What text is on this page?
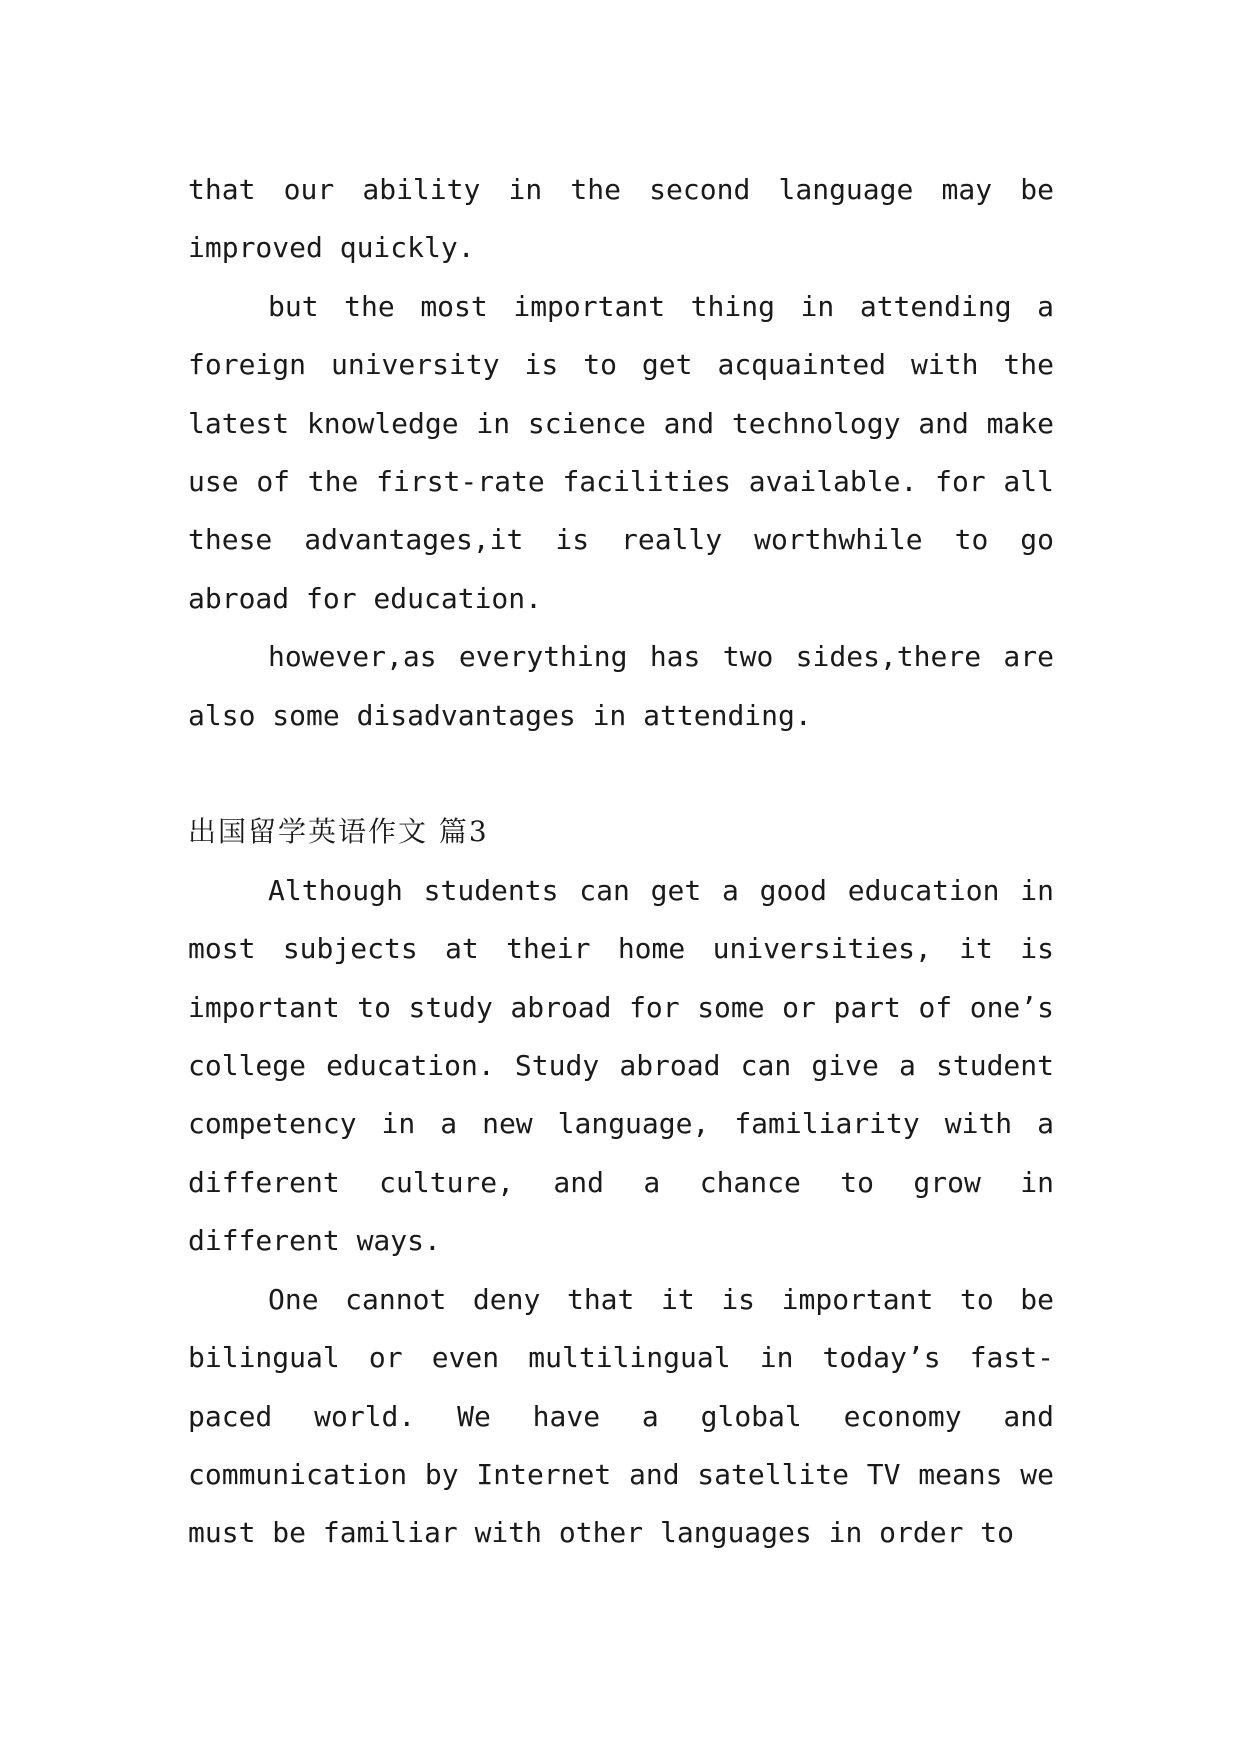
that our ability in the second language may be improved quickly.

but the most important thing in attending a foreign university is to get acquainted with the latest knowledge in science and technology and make use of the first-rate facilities available. for all these advantages,it is really worthwhile to go abroad for education.

however,as everything has two sides,there are also some disadvantages in attending.

出国留学英语作文 篇3

Although students can get a good education in most subjects at their home universities, it is important to study abroad for some or part of one’s college education. Study abroad can give a student competency in a new language, familiarity with a different culture, and a chance to grow in different ways.

One cannot deny that it is important to be bilingual or even multilingual in today’s fast-paced world. We have a global economy and communication by Internet and satellite TV means we must be familiar with other languages in order to
